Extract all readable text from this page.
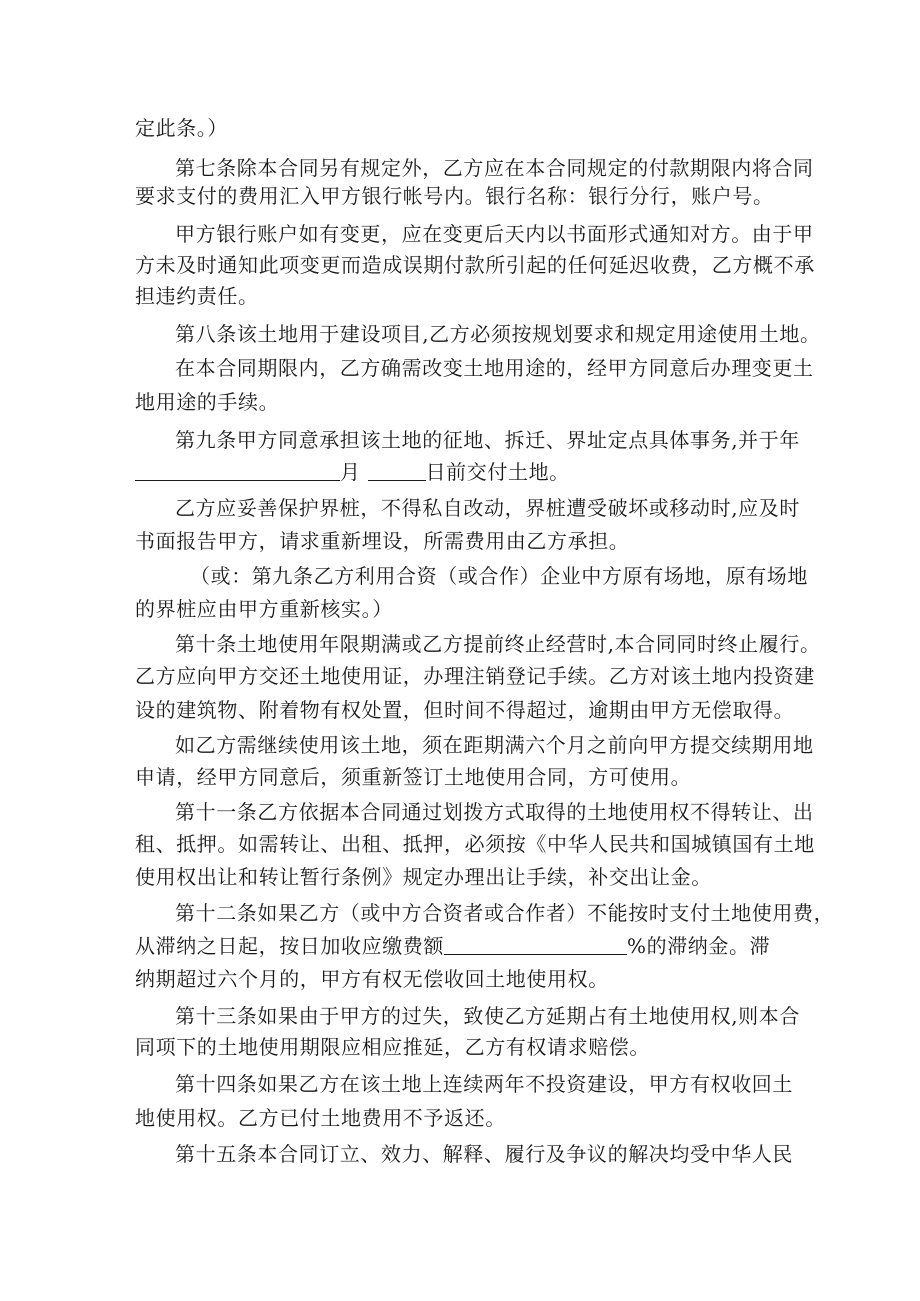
定此条。）
第七条除本合同另有规定外，乙方应在本合同规定的付款期限内将合同
要求支付的费用汇入甲方银行帐号内。银行名称：银行分行，账户号。
甲方银行账户如有变更，应在变更后天内以书面形式通知对方。由于甲
方未及时通知此项变更而造成误期付款所引起的任何延迟收费，乙方概不承
担违约责任。
第八条该土地用于建设项目,乙方必须按规划要求和规定用途使用土地。
在本合同期限内，乙方确需改变土地用途的，经甲方同意后办理变更土
地用途的手续。
第九条甲方同意承担该土地的征地、拆迁、界址定点具体事务,并于年
月	日前交付土地。
乙方应妥善保护界桩，不得私自改动，界桩遭受破坏或移动时,应及时
书面报告甲方，请求重新埋设，所需费用由乙方承担。
（或：第九条乙方利用合资（或合作）企业中方原有场地，原有场地
的界桩应由甲方重新核实。）
第十条土地使用年限期满或乙方提前终止经营时,本合同同时终止履行。
乙方应向甲方交还土地使用证，办理注销登记手续。乙方对该土地内投资建
设的建筑物、附着物有权处置，但时间不得超过，逾期由甲方无偿取得。
如乙方需继续使用该土地，须在距期满六个月之前向甲方提交续期用地
申请，经甲方同意后，须重新签订土地使用合同，方可使用。
第十一条乙方依据本合同通过划拨方式取得的土地使用权不得转让、出
租、抵押。如需转让、出租、抵押，必须按《中华人民共和国城镇国有土地
使用权出让和转让暂行条例》规定办理出让手续，补交出让金。
第十二条如果乙方（或中方合资者或合作者）不能按时支付土地使用费，
从滞纳之日起，按日加收应缴费额	%的滞纳金。滞
纳期超过六个月的，甲方有权无偿收回土地使用权。
第十三条如果由于甲方的过失，致使乙方延期占有土地使用权,则本合
同项下的土地使用期限应相应推延，乙方有权请求赔偿。
第十四条如果乙方在该土地上连续两年不投资建设，甲方有权收回土
地使用权。乙方已付土地费用不予返还。
第十五条本合同订立、效力、解释、履行及争议的解决均受中华人民
